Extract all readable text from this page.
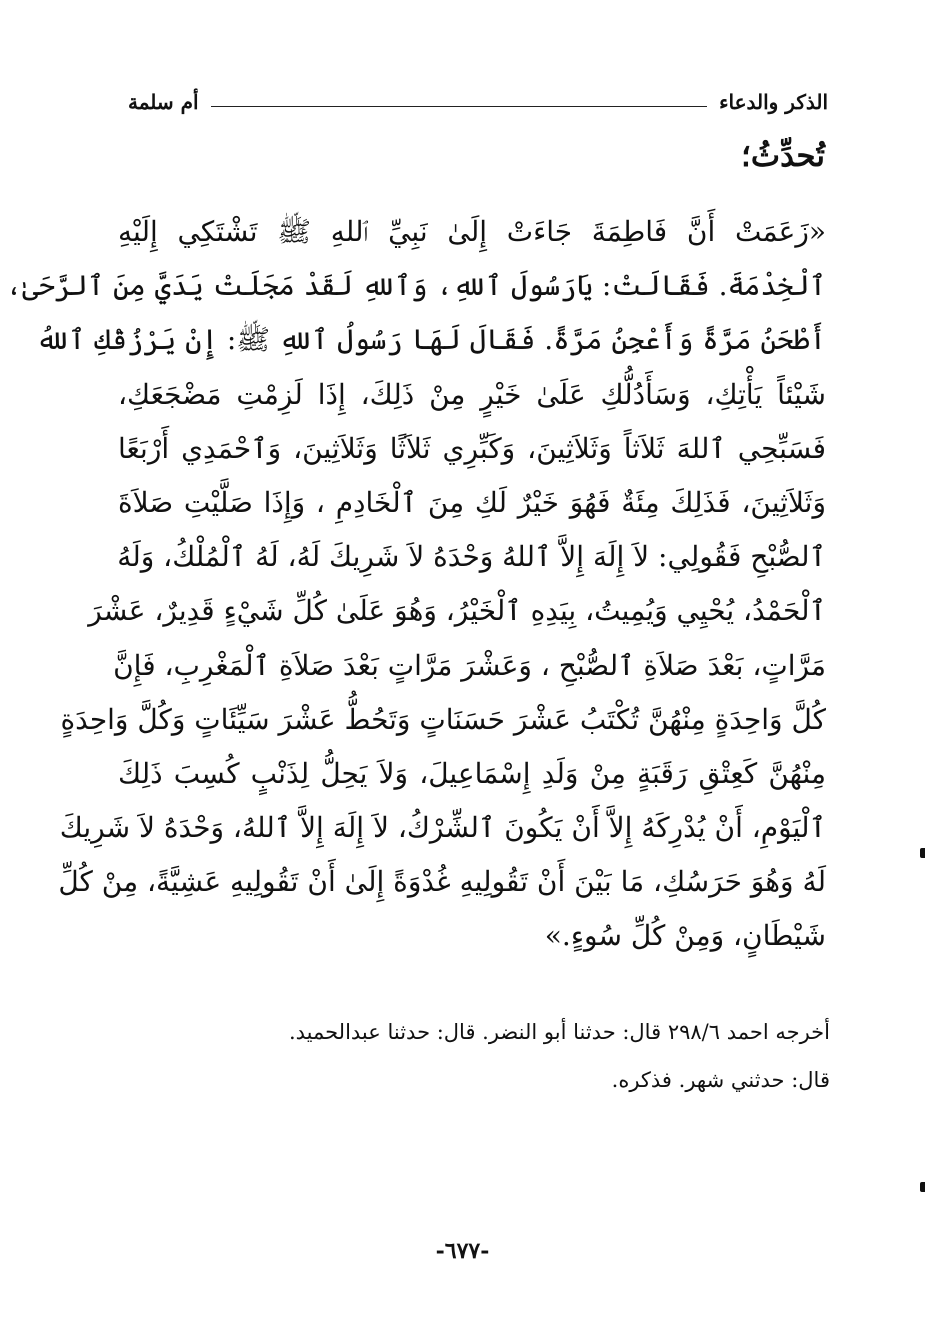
الذكر والدعاء
أم سلمة
تُحدِّثُ؛
«زَعَمَتْ أَنَّ فَاطِمَةَ جَاءَتْ إِلَىٰ نَبِيِّ ٱللهِ ﷺ تَشْتَكِي إِلَيْهِ
ٱلْخِدْمَةَ. فَقَالَتْ: يَارَسُولَ ٱللهِ، وَٱللهِ لَقَدْ مَجَلَتْ يَدَيَّ مِنَ ٱلرَّحَىٰ،
أَطْحَنُ مَرَّةً وَأَعْجِنُ مَرَّةً. فَقَالَ لَهَا رَسُولُ ٱللهِ ﷺ: إِنْ يَرْزُقْكِ ٱللهُ
شَيْئاً يَأْتِكِ، وَسَأَدُلُّكِ عَلَىٰ خَيْرٍ مِنْ ذَلِكَ، إِذَا لَزِمْتِ مَضْجَعَكِ،
فَسَبِّحِي ٱللهَ ثَلاَثاً وَثَلاَثِينَ، وَكَبِّرِي ثَلاَثًا وَثَلاَثِينَ، وَٱحْمَدِي أَرْبَعًا
وَثَلاَثِينَ، فَذَلِكَ مِئَةٌ فَهُوَ خَيْرٌ لَكِ مِنَ ٱلْخَادِمِ ، وَإِذَا صَلَّيْتِ صَلاَةَ
ٱلصُّبْحِ فَقُولِي: لاَ إِلَهَ إِلاَّ ٱللهُ وَحْدَهُ لاَ شَرِيكَ لَهُ، لَهُ ٱلْمُلْكُ، وَلَهُ
ٱلْحَمْدُ، يُحْيِي وَيُمِيتُ، بِيَدِهِ ٱلْخَيْرُ، وَهُوَ عَلَىٰ كُلِّ شَيْءٍ قَدِيرٌ، عَشْرَ
مَرَّاتٍ، بَعْدَ صَلاَةِ ٱلصُّبْحِ ، وَعَشْرَ مَرَّاتٍ بَعْدَ صَلاَةِ ٱلْمَغْرِبِ، فَإِنَّ
كُلَّ وَاحِدَةٍ مِنْهُنَّ تُكْتَبُ عَشْرَ حَسَنَاتٍ وَتَحُطُّ عَشْرَ سَيِّئَاتٍ وَكُلَّ وَاحِدَةٍ
مِنْهُنَّ كَعِتْقِ رَقَبَةٍ مِنْ وَلَدِ إِسْمَاعِيلَ، وَلاَ يَحِلُّ لِذَنْبٍ كُسِبَ ذَلِكَ
ٱلْيَوْمِ، أَنْ يُدْرِكَهُ إِلاَّ أَنْ يَكُونَ ٱلشِّرْكُ، لاَ إِلَهَ إِلاَّ ٱللهُ، وَحْدَهُ لاَ شَرِيكَ
لَهُ وَهُوَ حَرَسُكِ، مَا بَيْنَ أَنْ تَقُولِيهِ غُدْوَةً إِلَىٰ أَنْ تَقُولِيهِ عَشِيَّةً، مِنْ كُلِّ
شَيْطَانٍ، وَمِنْ كُلِّ سُوءٍ.»
أخرجه احمد ٢٩٨/٦ قال: حدثنا أبو النضر. قال: حدثنا عبدالحميد.
قال: حدثني شهر. فذكره.
-٦٧٧-
